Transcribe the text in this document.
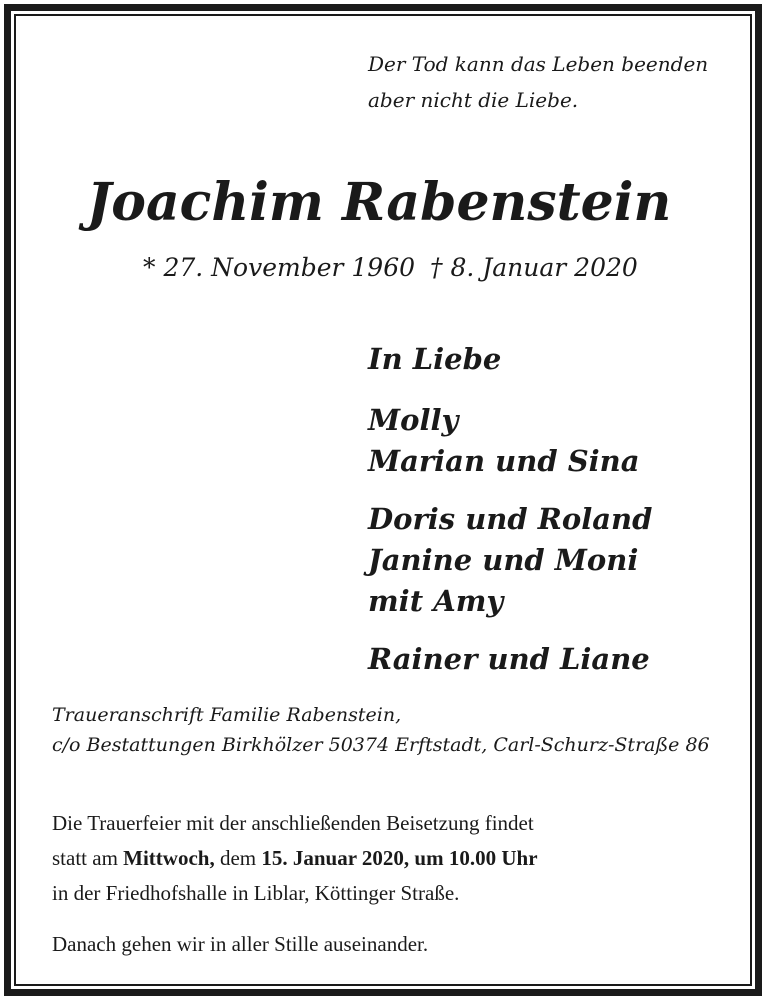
Der Tod kann das Leben beenden
aber nicht die Liebe.
Joachim Rabenstein
* 27. November 1960 † 8. Januar 2020
In Liebe
Molly
Marian und Sina
Doris und Roland
Janine und Moni
mit Amy
Rainer und Liane
Traueranschrift Familie Rabenstein,
c/o Bestattungen Birkhölzer 50374 Erftstadt, Carl-Schurz-Straße 86
Die Trauerfeier mit der anschließenden Beisetzung findet
statt am Mittwoch, dem 15. Januar 2020, um 10.00 Uhr
in der Friedhofshalle in Liblar, Köttinger Straße.
Danach gehen wir in aller Stille auseinander.
